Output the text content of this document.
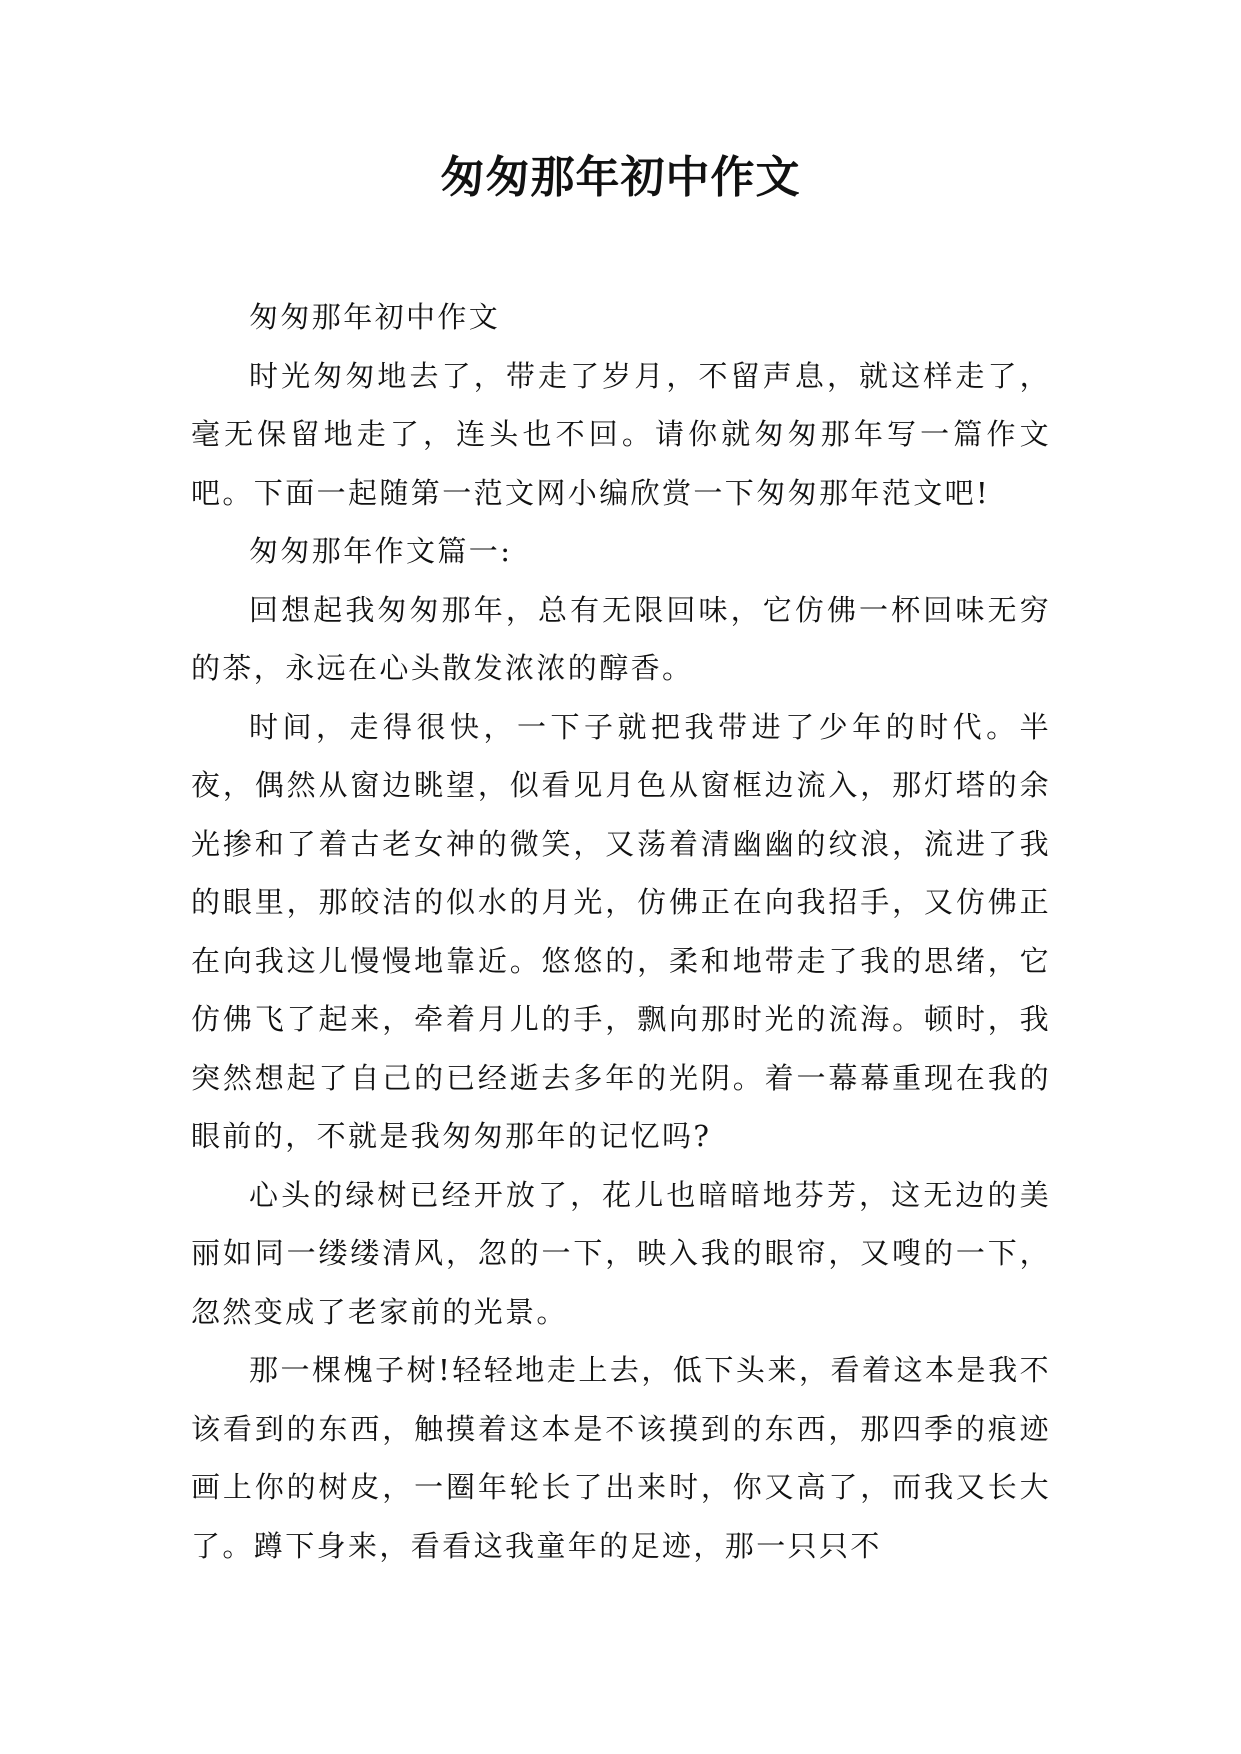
匆匆那年初中作文

匆匆那年初中作文

时光匆匆地去了，带走了岁月，不留声息，就这样走了，毫无保留地走了，连头也不回。请你就匆匆那年写一篇作文吧。下面一起随第一范文网小编欣赏一下匆匆那年范文吧!

匆匆那年作文篇一:

回想起我匆匆那年，总有无限回味，它仿佛一杯回味无穷的茶，永远在心头散发浓浓的醇香。

时间，走得很快，一下子就把我带进了少年的时代。半夜，偶然从窗边眺望，似看见月色从窗框边流入，那灯塔的余光掺和了着古老女神的微笑，又荡着清幽幽的纹浪，流进了我的眼里，那皎洁的似水的月光，仿佛正在向我招手，又仿佛正在向我这儿慢慢地靠近。悠悠的，柔和地带走了我的思绪，它仿佛飞了起来，牵着月儿的手，飘向那时光的流海。顿时，我突然想起了自己的已经逝去多年的光阴。着一幕幕重现在我的眼前的，不就是我匆匆那年的记忆吗?

心头的绿树已经开放了，花儿也暗暗地芬芳，这无边的美丽如同一缕缕清风，忽的一下，映入我的眼帘，又嗖的一下，忽然变成了老家前的光景。

那一棵槐子树!轻轻地走上去，低下头来，看着这本是我不该看到的东西，触摸着这本是不该摸到的东西，那四季的痕迹画上你的树皮，一圈年轮长了出来时，你又高了，而我又长大了。蹲下身来，看看这我童年的足迹，那一只只不
